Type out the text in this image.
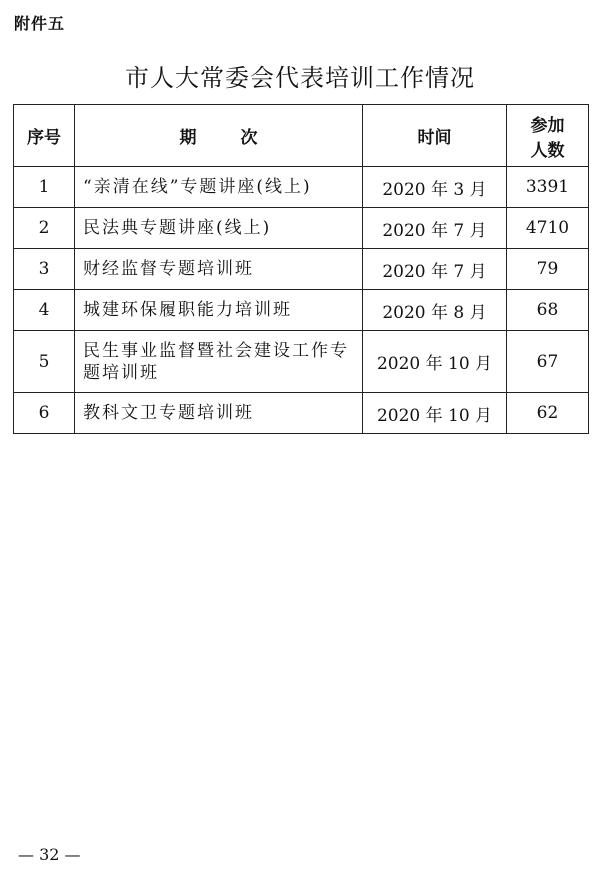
附件五
市人大常委会代表培训工作情况
序号	期 次	时间	参加
人数

1	“亲清在线”专题讲座(线上)	2020 年 3 月	3391
2	民法典专题讲座(线上)	2020 年 7 月	4710
3	财经监督专题培训班	2020 年 7 月	79
4	城建环保履职能力培训班	2020 年 8 月	68
5	民生事业监督暨社会建设工作专题培训班	2020 年 10 月	67
6	教科文卫专题培训班	2020 年 10 月	62
— 32 —
